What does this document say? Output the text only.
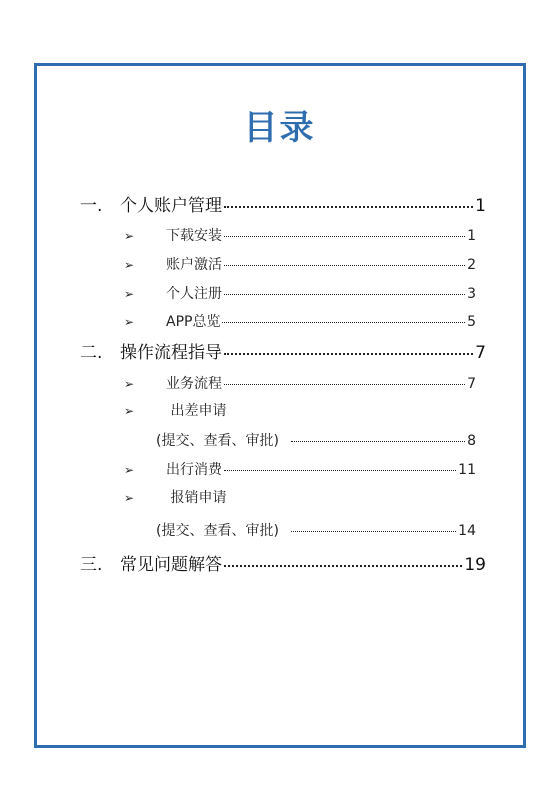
目录
一.	个人账户管理	1
➢	下载安装	1
➢	账户激活	2
➢	个人注册	3
➢	APP总览	5
二.	操作流程指导	7
➢	业务流程	7
➢	出差申请
(提交、查看、审批)	8
➢	出行消费	11
➢	报销申请
(提交、查看、审批)	14
三.	常见问题解答	19
